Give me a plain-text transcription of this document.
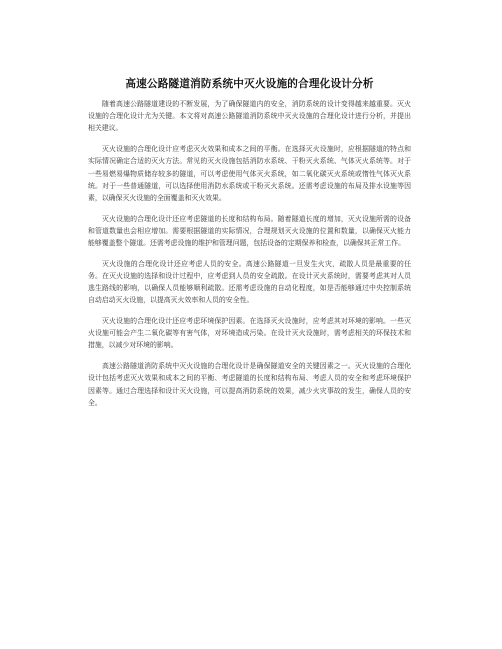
高速公路隧道消防系统中灭火设施的合理化设计分析

随着高速公路隧道建设的不断发展，为了确保隧道内的安全，消防系统的设计变得越来越重要。灭火设施的合理化设计尤为关键。本文将对高速公路隧道消防系统中灭火设施的合理化设计进行分析，并提出相关建议。

灭火设施的合理化设计应考虑灭火效果和成本之间的平衡。在选择灭火设施时，应根据隧道的特点和实际情况确定合适的灭火方法。常见的灭火设施包括消防水系统、干粉灭火系统、气体灭火系统等。对于一些易燃易爆物质储存较多的隧道，可以考虑使用气体灭火系统，如二氧化碳灭火系统或惰性气体灭火系统。对于一些普通隧道，可以选择使用消防水系统或干粉灭火系统。还需考虑设施的布局及排水设施等因素，以确保灭火设施的全面覆盖和灭火效果。

灭火设施的合理化设计还应考虑隧道的长度和结构布局。随着隧道长度的增加，灭火设施所需的设备和管道数量也会相应增加。需要根据隧道的实际情况，合理规划灭火设施的位置和数量，以确保灭火能力能够覆盖整个隧道。还需考虑设施的维护和管理问题，包括设备的定期保养和检查，以确保其正常工作。

灭火设施的合理化设计还应考虑人员的安全。高速公路隧道一旦发生火灾，疏散人员是最重要的任务。在灭火设施的选择和设计过程中，应考虑到人员的安全疏散。在设计灭火系统时，需要考虑其对人员逃生路线的影响，以确保人员能够顺利疏散。还需考虑设施的自动化程度，如是否能够通过中央控制系统自动启动灭火设施，以提高灭火效率和人员的安全性。

灭火设施的合理化设计还应考虑环境保护因素。在选择灭火设施时，应考虑其对环境的影响。一些灭火设施可能会产生二氧化碳等有害气体，对环境造成污染。在设计灭火设施时，需考虑相关的环保技术和措施，以减少对环境的影响。

高速公路隧道消防系统中灭火设施的合理化设计是确保隧道安全的关键因素之一。灭火设施的合理化设计包括考虑灭火效果和成本之间的平衡、考虑隧道的长度和结构布局、考虑人员的安全和考虑环境保护因素等。通过合理选择和设计灭火设施，可以提高消防系统的效果，减少火灾事故的发生，确保人员的安全。
